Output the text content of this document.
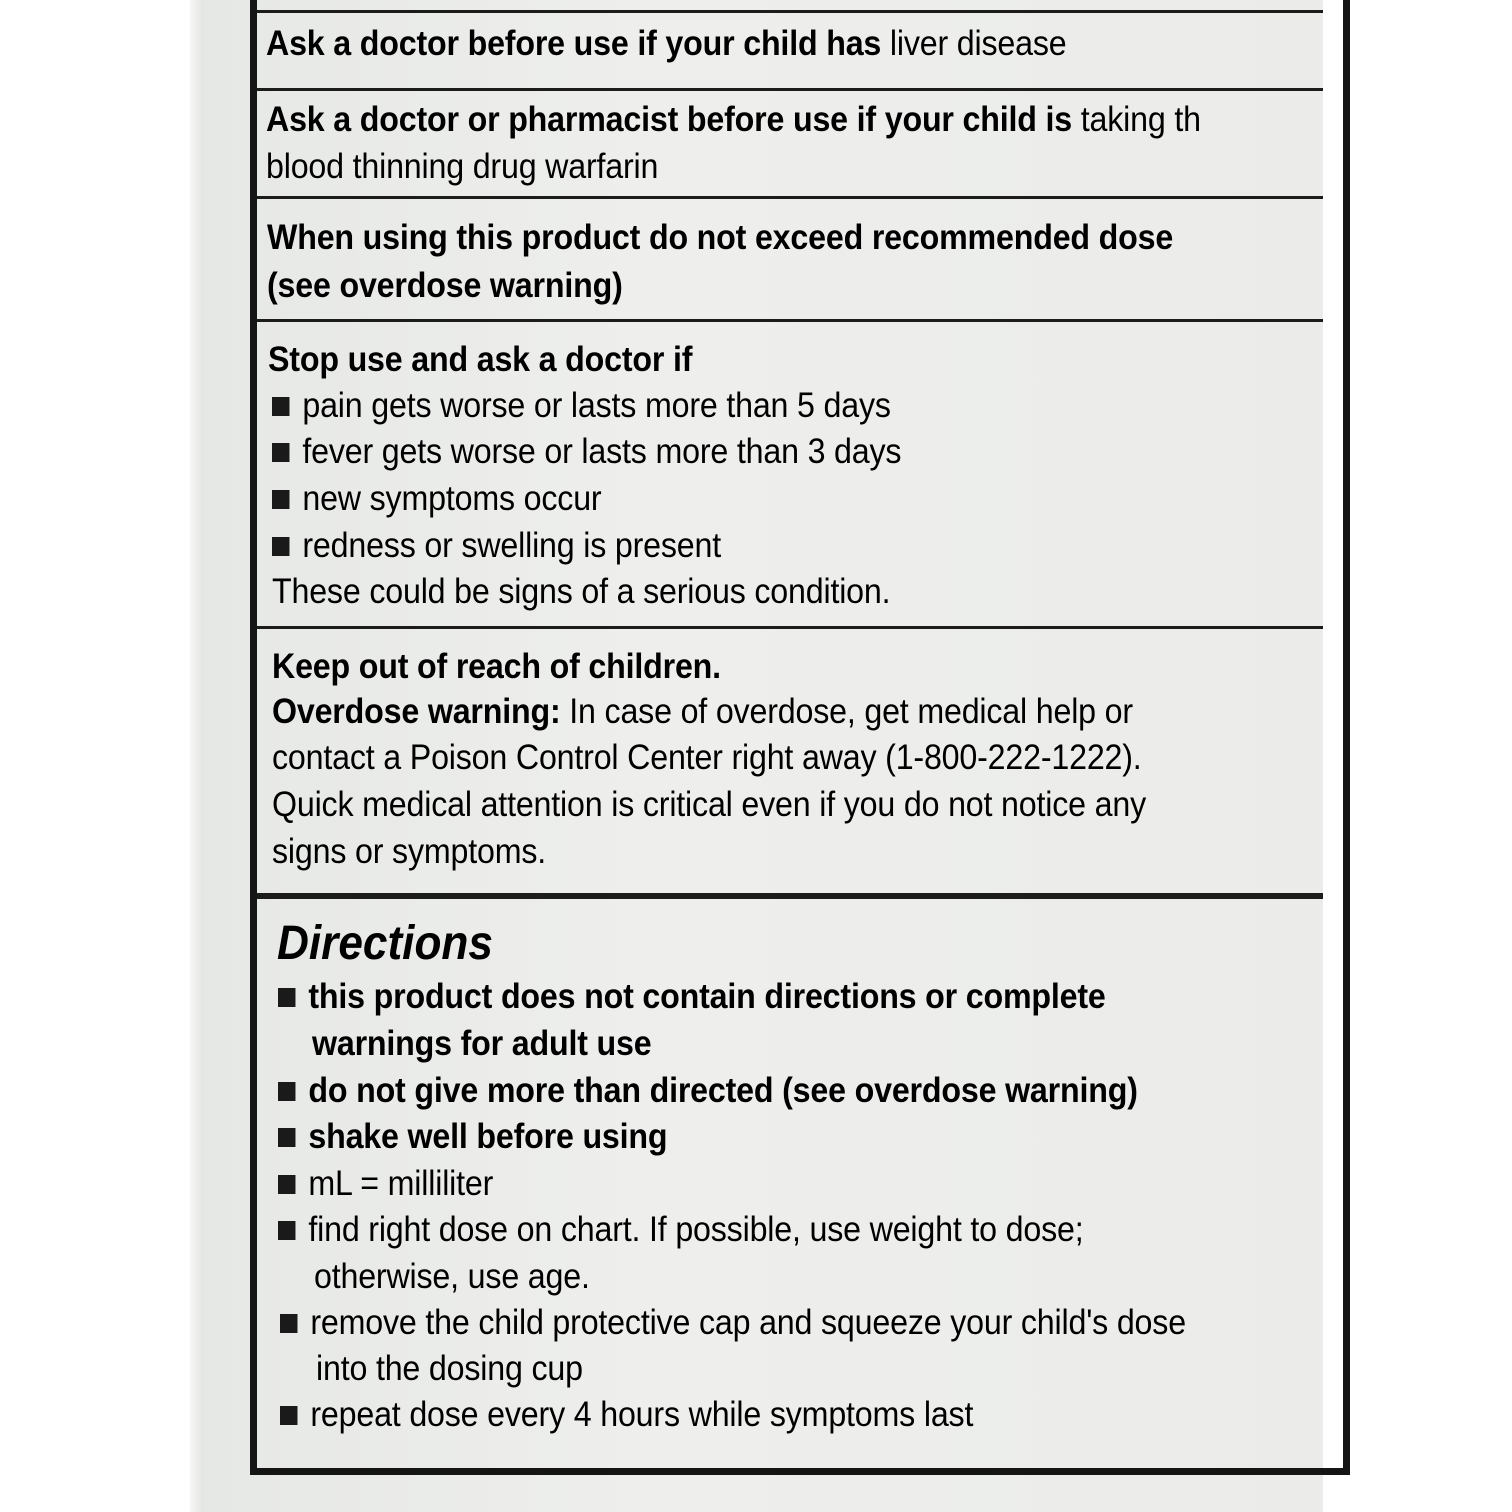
Ask a doctor before use if your child has liver disease
Ask a doctor or pharmacist before use if your child is taking th
blood thinning drug warfarin
When using this product do not exceed recommended dose
(see overdose warning)
Stop use and ask a doctor if
pain gets worse or lasts more than 5 days
fever gets worse or lasts more than 3 days
new symptoms occur
redness or swelling is present
These could be signs of a serious condition.
Keep out of reach of children.
Overdose warning: In case of overdose, get medical help or
contact a Poison Control Center right away (1-800-222-1222).
Quick medical attention is critical even if you do not notice any
signs or symptoms.
Directions
this product does not contain directions or complete
warnings for adult use
do not give more than directed (see overdose warning)
shake well before using
mL = milliliter
find right dose on chart. If possible, use weight to dose;
otherwise, use age.
remove the child protective cap and squeeze your child's dose
into the dosing cup
repeat dose every 4 hours while symptoms last
